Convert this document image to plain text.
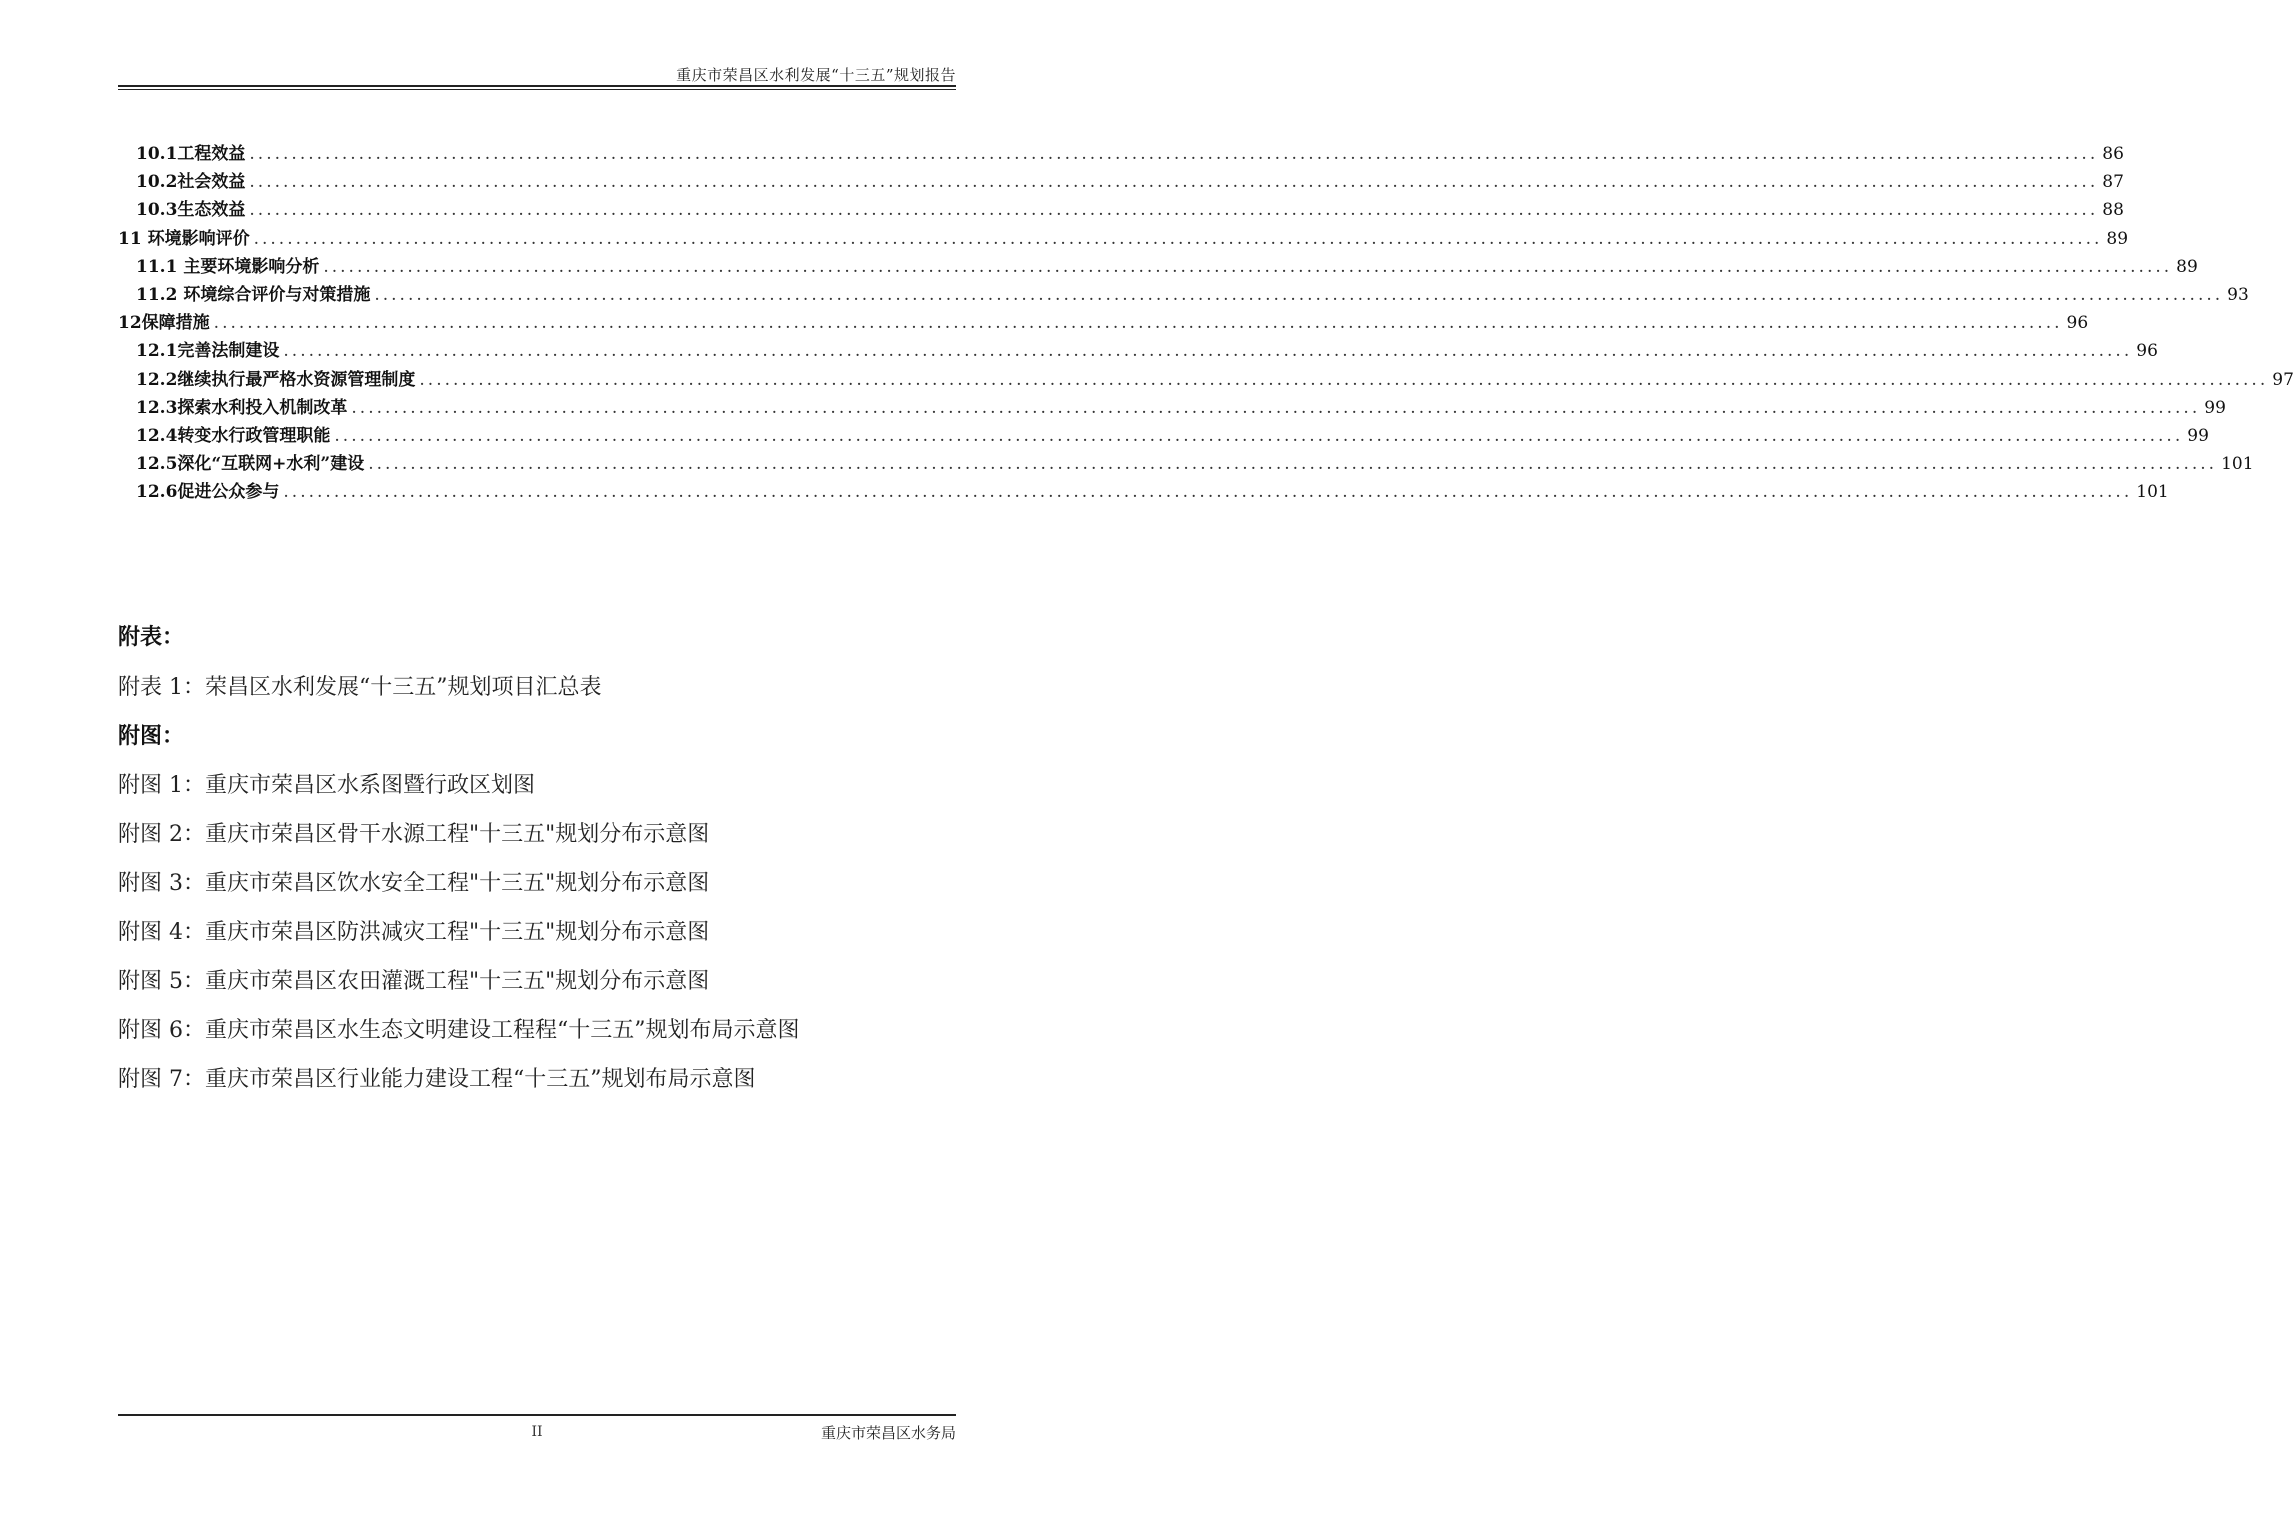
重庆市荣昌区水利发展“十三五”规划报告
10.1工程效益 ............................................................................................................................................................................................................................ 86
10.2社会效益 ............................................................................................................................................................................................................................ 87
10.3生态效益 ............................................................................................................................................................................................................................ 88
11 环境影响评价 ............................................................................................................................................................................................................................ 89
11.1 主要环境影响分析 ............................................................................................................................................................................................................................ 89
11.2 环境综合评价与对策措施 ............................................................................................................................................................................................................................ 93
12保障措施 ............................................................................................................................................................................................................................ 96
12.1完善法制建设 ............................................................................................................................................................................................................................ 96
12.2继续执行最严格水资源管理制度 ............................................................................................................................................................................................................................ 97
12.3探索水利投入机制改革 ............................................................................................................................................................................................................................ 99
12.4转变水行政管理职能 ............................................................................................................................................................................................................................ 99
12.5深化“互联网+水利”建设 ............................................................................................................................................................................................................................ 101
12.6促进公众参与 ............................................................................................................................................................................................................................ 101
附表：
附表 1：荣昌区水利发展“十三五”规划项目汇总表
附图：
附图 1：重庆市荣昌区水系图暨行政区划图
附图 2：重庆市荣昌区骨干水源工程"十三五"规划分布示意图
附图 3：重庆市荣昌区饮水安全工程"十三五"规划分布示意图
附图 4：重庆市荣昌区防洪减灾工程"十三五"规划分布示意图
附图 5：重庆市荣昌区农田灌溉工程"十三五"规划分布示意图
附图 6：重庆市荣昌区水生态文明建设工程程“十三五”规划布局示意图
附图 7：重庆市荣昌区行业能力建设工程“十三五”规划布局示意图
II	重庆市荣昌区水务局
